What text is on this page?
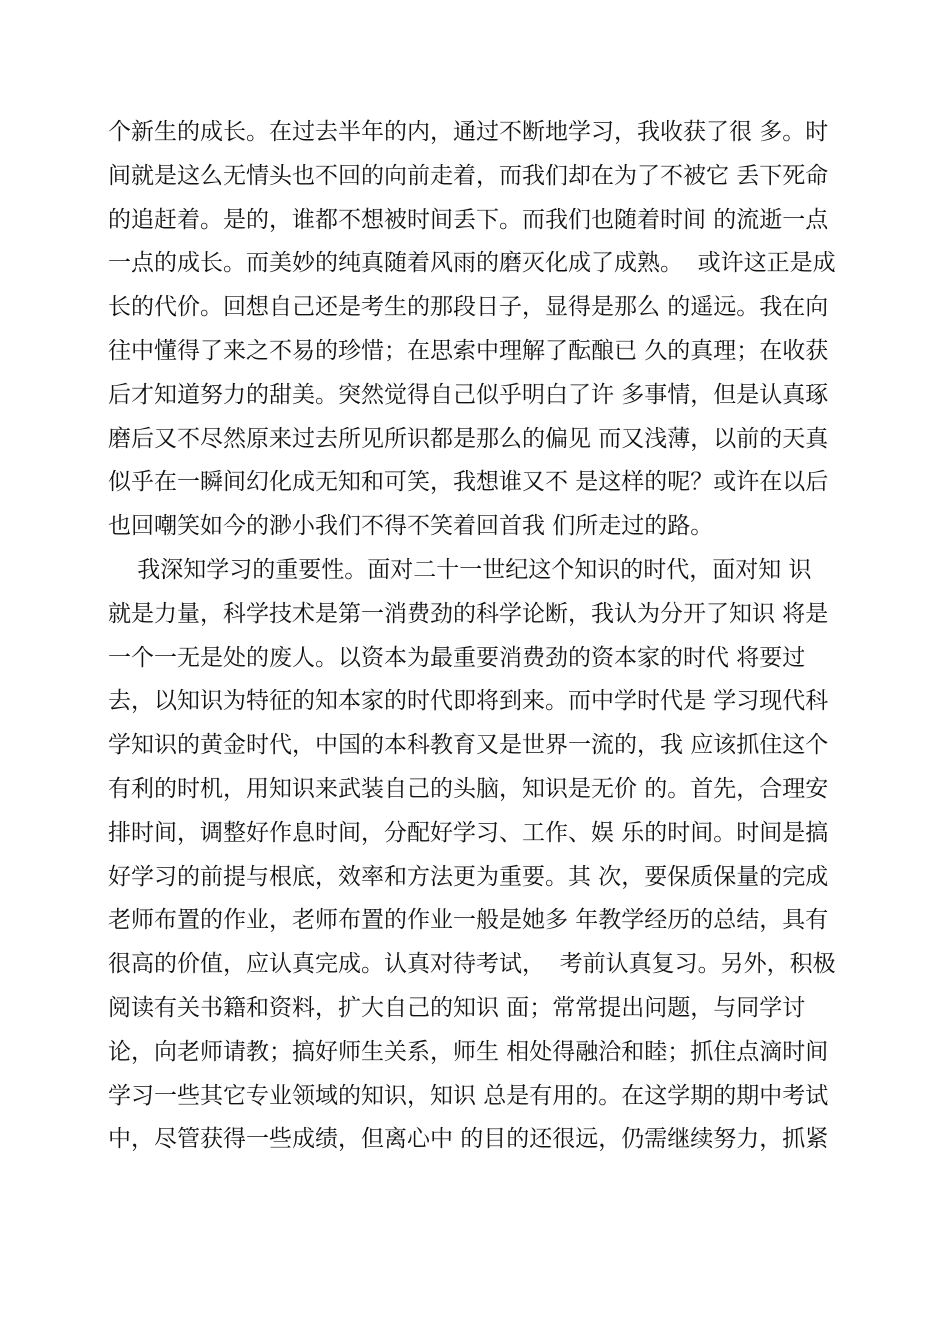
个新生的成长。在过去半年的内，通过不断地学习，我收获了很 多。时
间就是这么无情头也不回的向前走着，而我们却在为了不被它 丢下死命
的追赶着。是的，谁都不想被时间丢下。而我们也随着时间 的流逝一点
一点的成长。而美妙的纯真随着风雨的磨灭化成了成熟。  或许这正是成
长的代价。回想自己还是考生的那段日子，显得是那么 的遥远。我在向
往中懂得了来之不易的珍惜；在思索中理解了酝酿已 久的真理；在收获
后才知道努力的甜美。突然觉得自己似乎明白了许 多事情，但是认真琢
磨后又不尽然原来过去所见所识都是那么的偏见 而又浅薄，以前的天真
似乎在一瞬间幻化成无知和可笑，我想谁又不 是这样的呢？或许在以后
也回嘲笑如今的渺小我们不得不笑着回首我 们所走过的路。
我深知学习的重要性。面对二十一世纪这个知识的时代，面对知 识
就是力量，科学技术是第一消费劲的科学论断，我认为分开了知识 将是
一个一无是处的废人。以资本为最重要消费劲的资本家的时代 将要过
去，以知识为特征的知本家的时代即将到来。而中学时代是 学习现代科
学知识的黄金时代，中国的本科教育又是世界一流的，我 应该抓住这个
有利的时机，用知识来武装自己的头脑，知识是无价 的。首先，合理安
排时间，调整好作息时间，分配好学习、工作、娱 乐的时间。时间是搞
好学习的前提与根底，效率和方法更为重要。其 次，要保质保量的完成
老师布置的作业，老师布置的作业一般是她多 年教学经历的总结，具有
很高的价值，应认真完成。认真对待考试，  考前认真复习。另外，积极
阅读有关书籍和资料，扩大自己的知识 面；常常提出问题，与同学讨
论，向老师请教；搞好师生关系，师生 相处得融洽和睦；抓住点滴时间
学习一些其它专业领域的知识，知识 总是有用的。在这学期的期中考试
中，尽管获得一些成绩，但离心中 的目的还很远，仍需继续努力，抓紧
